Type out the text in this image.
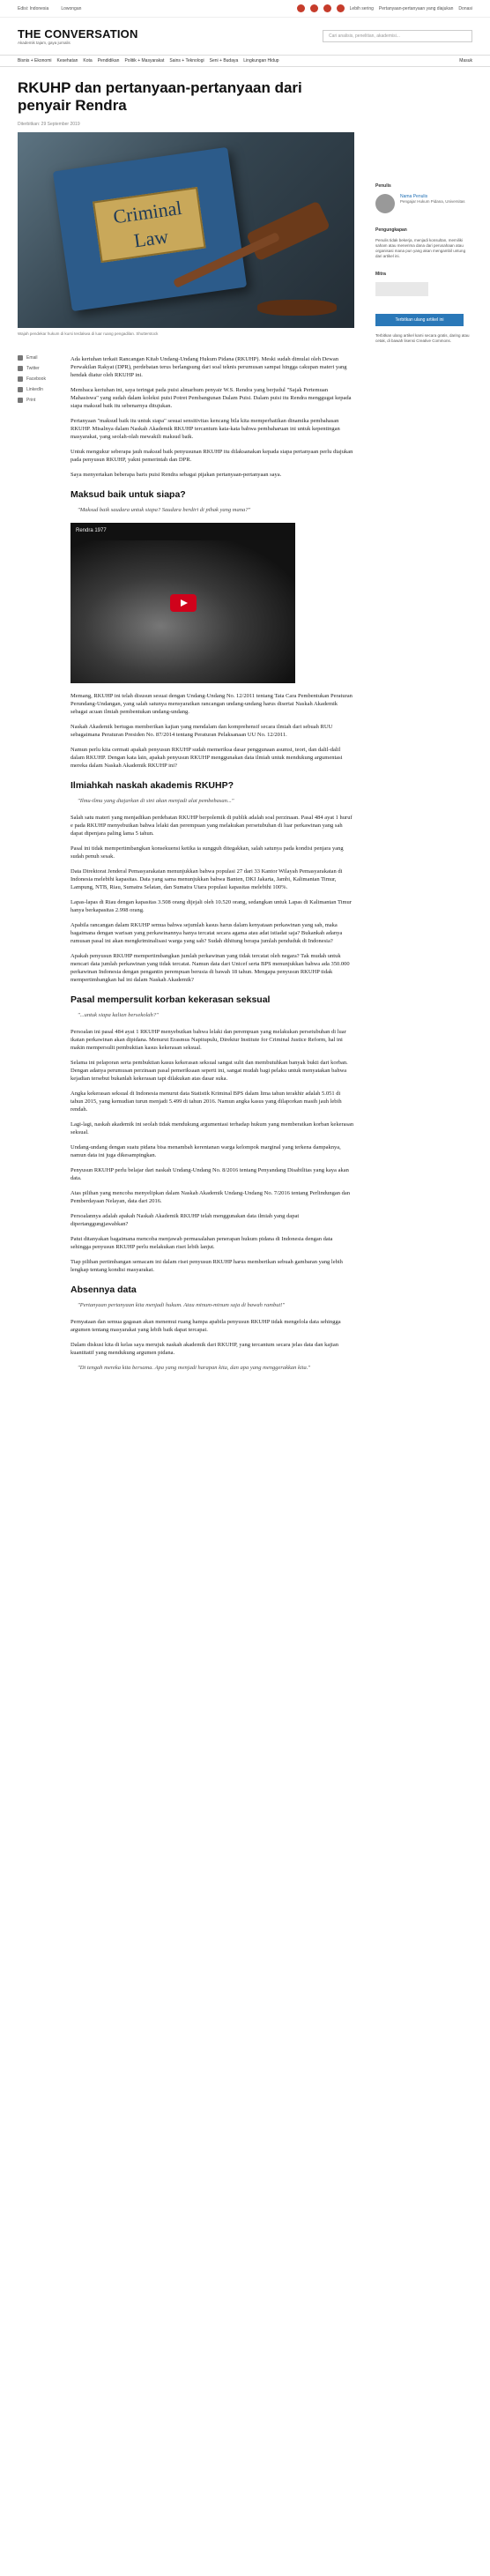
Edisi: Indonesia	Lowongan	Lebih sering Pertanyaan-pertanyaan yang diajukan Donasi
THE CONVERSATION
Akademik tajam, gaya jurnalis
Cari analisis, penelitian, akademisi...
Bisnis + Ekonomi Kesehatan Kota Pendidikan Politik + Masyarakat Sains + Teknologi Seni + Budaya Lingkungan Hidup	Masuk
RKUHP dan pertanyaan-pertanyaan dari penyair Rendra
Diterbitkan: 29 September 2019
Criminal
Law
Wajah pendekar hukum di kursi terdakwa di luar ruang pengadilan. Shutterstock
Email
Twitter
Facebook
LinkedIn
Print

Ada keriuhan terkait Rancangan Kitab Undang-Undang Hukum Pidana (RKUHP). Meski sudah dimulai oleh Dewan Perwakilan Rakyat (DPR), perdebatan terus berlangsung dari soal teknis perumusan sampai hingga cakupan materi yang hendak diatur oleh RKUHP ini.

Membaca keriuhan ini, saya teringat pada puisi almarhum penyair W.S. Rendra yang berjudul "Sajak Pertemuan Mahasiswa" yang sudah dalam koleksi puisi Potret Pembangunan Dalam Puisi. Dalam puisi itu Rendra menggugat kepada siapa maksud baik itu sebenarnya ditujukan.

Pertanyaan "maksud baik itu untuk siapa" sesuai sensitivitas kencang bila kita memperhatikan dinamika pembahasan RKUHP. Misalnya dalam Naskah Akademik RKUHP tercantum kata-kata bahwa pembaharuan ini untuk kepentingan masyarakat, yang seolah-olah mewakili maksud baik.

Untuk mengukur seberapa jauh maksud baik penyusunan RKUHP itu dilaksanakan kepada siapa pertanyaan perlu diajukan pada penyusun RKUHP, yakni pemerintah dan DPR.

Saya menyertakan beberapa baris puisi Rendra sebagai pijakan pertanyaan-pertanyaan saya.

Maksud baik untuk siapa?
"Maksud baik saudara untuk siapa? Saudara berdiri di pihak yang mana?"
Rendra 1977

Memang, RKUHP ini telah disusun sesuai dengan Undang-Undang No. 12/2011 tentang Tata Cara Pembentukan Peraturan Perundang-Undangan, yang salah satunya mensyaratkan rancangan undang-undang harus disertai Naskah Akademik sebagai acuan ilmiah pembentukan undang-undang.

Naskah Akademik bertugas memberikan kajian yang mendalam dan komprehensif secara ilmiah dari sebuah RUU sebagaimana Peraturan Presiden No. 87/2014 tentang Peraturan Pelaksanaan UU No. 12/2011.

Namun perlu kita cermati apakah penyusun RKUHP sudah memeriksa dasar penggunaan asumsi, teori, dan dalil-dalil dalam RKUHP. Dengan kata lain, apakah penyusun RKUHP menggunakan data ilmiah untuk mendukung argumentasi mereka dalam Naskah Akademik RKUHP ini?

Ilmiahkah naskah akademis RKUHP?
"Ilmu-ilmu yang diajarkan di sini akan menjadi alat pembebasan..."

Salah satu materi yang menjadikan perdebatan RKUHP berpolemik di publik adalah soal perzinaan. Pasal 484 ayat 1 huruf e pada RKUHP menyebutkan bahwa lelaki dan perempuan yang melakukan persetubuhan di luar perkawinan yang sah dapat dipenjara paling lama 5 tahun.

Pasal ini tidak mempertimbangkan konsekuensi ketika ia sungguh ditegakkan, salah satunya pada kondisi penjara yang sudah penuh sesak.

Data Direktorat Jenderal Pemasyarakatan menunjukkan bahwa populasi 27 dari 33 Kantor Wilayah Pemasyarakatan di Indonesia melebihi kapasitas. Data yang sama menunjukkan bahwa Banten, DKI Jakarta, Jambi, Kalimantan Timur, Lampung, NTB, Riau, Sumatra Selatan, dan Sumatra Utara populasi kapasitas melebihi 100%.

Lapas-lapas di Riau dengan kapasitas 3.508 orang dijejali oleh 10.520 orang, sedangkan untuk Lapas di Kalimantan Timur hanya berkapasitas 2.998 orang.

Apabila rancangan dalam RKUHP semua bahwa sejumlah kasus harus dalam kenyataan perkawinan yang sah, maka bagaimana dengan warisan yang perkawinannya hanya tercatat secara agama atau adat istiadat saja? Bukankah adanya rumusan pasal ini akan mengkriminalisasi warga yang sah? Sudah dihitung berapa jumlah penduduk di Indonesia?

Apakah penyusun RKUHP mempertimbangkan jumlah perkawinan yang tidak tercatat oleh negara? Tak mudah untuk mencari data jumlah perkawinan yang tidak tercatat. Namun data dari Unicef serta BPS menunjukkan bahwa ada 350.000 perkawinan Indonesia dengan pengantin perempuan berusia di bawah 18 tahun. Mengapa penyusun RKUHP tidak mempertimbangkan hal ini dalam Naskah Akademik?

Pasal mempersulit korban kekerasan seksual
"...untuk siapa kalian bersekolah?"

Persoalan ini pasal 484 ayat 1 RKUHP menyebutkan bahwa lelaki dan perempuan yang melakukan persetubuhan di luar ikatan perkawinan akan dipidana. Menurut Erasmus Napitupulu, Direktur Institute for Criminal Justice Reform, hal ini makin mempersulit pembuktian kasus kekerasan seksual.

Selama ini pelaporan serta pembuktian kasus kekerasan seksual sangat sulit dan membutuhkan banyak bukti dari korban. Dengan adanya perumusan perzinaan pasal pemeriksaan seperti ini, sangat mudah bagi pelaku untuk menyatakan bahwa kejadian tersebut bukanlah kekerasan tapi dilakukan atas dasar suka.

Angka kekerasan seksual di Indonesia menurut data Statistik Kriminal BPS dalam lima tahun terakhir adalah 5.051 di tahun 2015, yang kemudian turun menjadi 5.499 di tahun 2016. Namun angka kasus yang dilaporkan masih jauh lebih rendah.

Lagi-lagi, naskah akademik ini seolah tidak mendukung argumentasi terhadap hukum yang memberatkan korban kekerasan seksual.

Undang-undang dengan suatu pidana bisa menambah kerentanan warga kelompok marginal yang terkena dampaknya, namun data ini juga dikesampingkan.

Penyusun RKUHP perlu belajar dari naskah Undang-Undang No. 8/2016 tentang Penyandang Disabilitas yang kaya akan data.

Atas pilihan yang mencoba menyelipkan dalam Naskah Akademik Undang-Undang No. 7/2016 tentang Perlindungan dan Pemberdayaan Nelayan, data dari 2016.

Persoalannya adalah apakah Naskah Akademik RKUHP telah menggunakan data ilmiah yang dapat dipertanggungjawabkan?

Patut ditanyakan bagaimana mencoba menjawab permasalahan penerapan hukum pidana di Indonesia dengan data sehingga penyusun RKUHP perlu melakukan riset lebih lanjut.

Tiap pilihan pertimbangan semacam ini dalam riset penyusun RKUHP harus memberikan sebuah gambaran yang lebih lengkap tentang kondisi masyarakat.

Absennya data
"Pertanyaan pertanyaan kita menjadi hukum. Atau minum-minum saja di bawah rambut!"

Pernyataan dan semua gagasan akan menemui ruang hampa apabila penyusun RKUHP tidak mengelola data sehingga argumen tentang masyarakat yang lebih baik dapat tercapai.

Dalam diskusi kita di kelas saya merujuk naskah akademik dari RKUHP, yang tercantum secara jelas data dan kajian kuantitatif yang mendukung argumen pidana.

"Di tengah mereka kita bersama. Apa yang menjadi harapan kita, dan apa yang menggerakkan kita."
Penulis
Nama Penulis
Pengajar Hukum Pidana, Universitas
Pengungkapan

Penulis tidak bekerja, menjadi konsultan, memiliki saham atau menerima dana dari perusahaan atau organisasi mana pun yang akan mengambil untung dari artikel ini.

Mitra
Terbitkan ulang artikel ini

Terbitkan ulang artikel kami secara gratis, daring atau cetak, di bawah lisensi Creative Commons.
